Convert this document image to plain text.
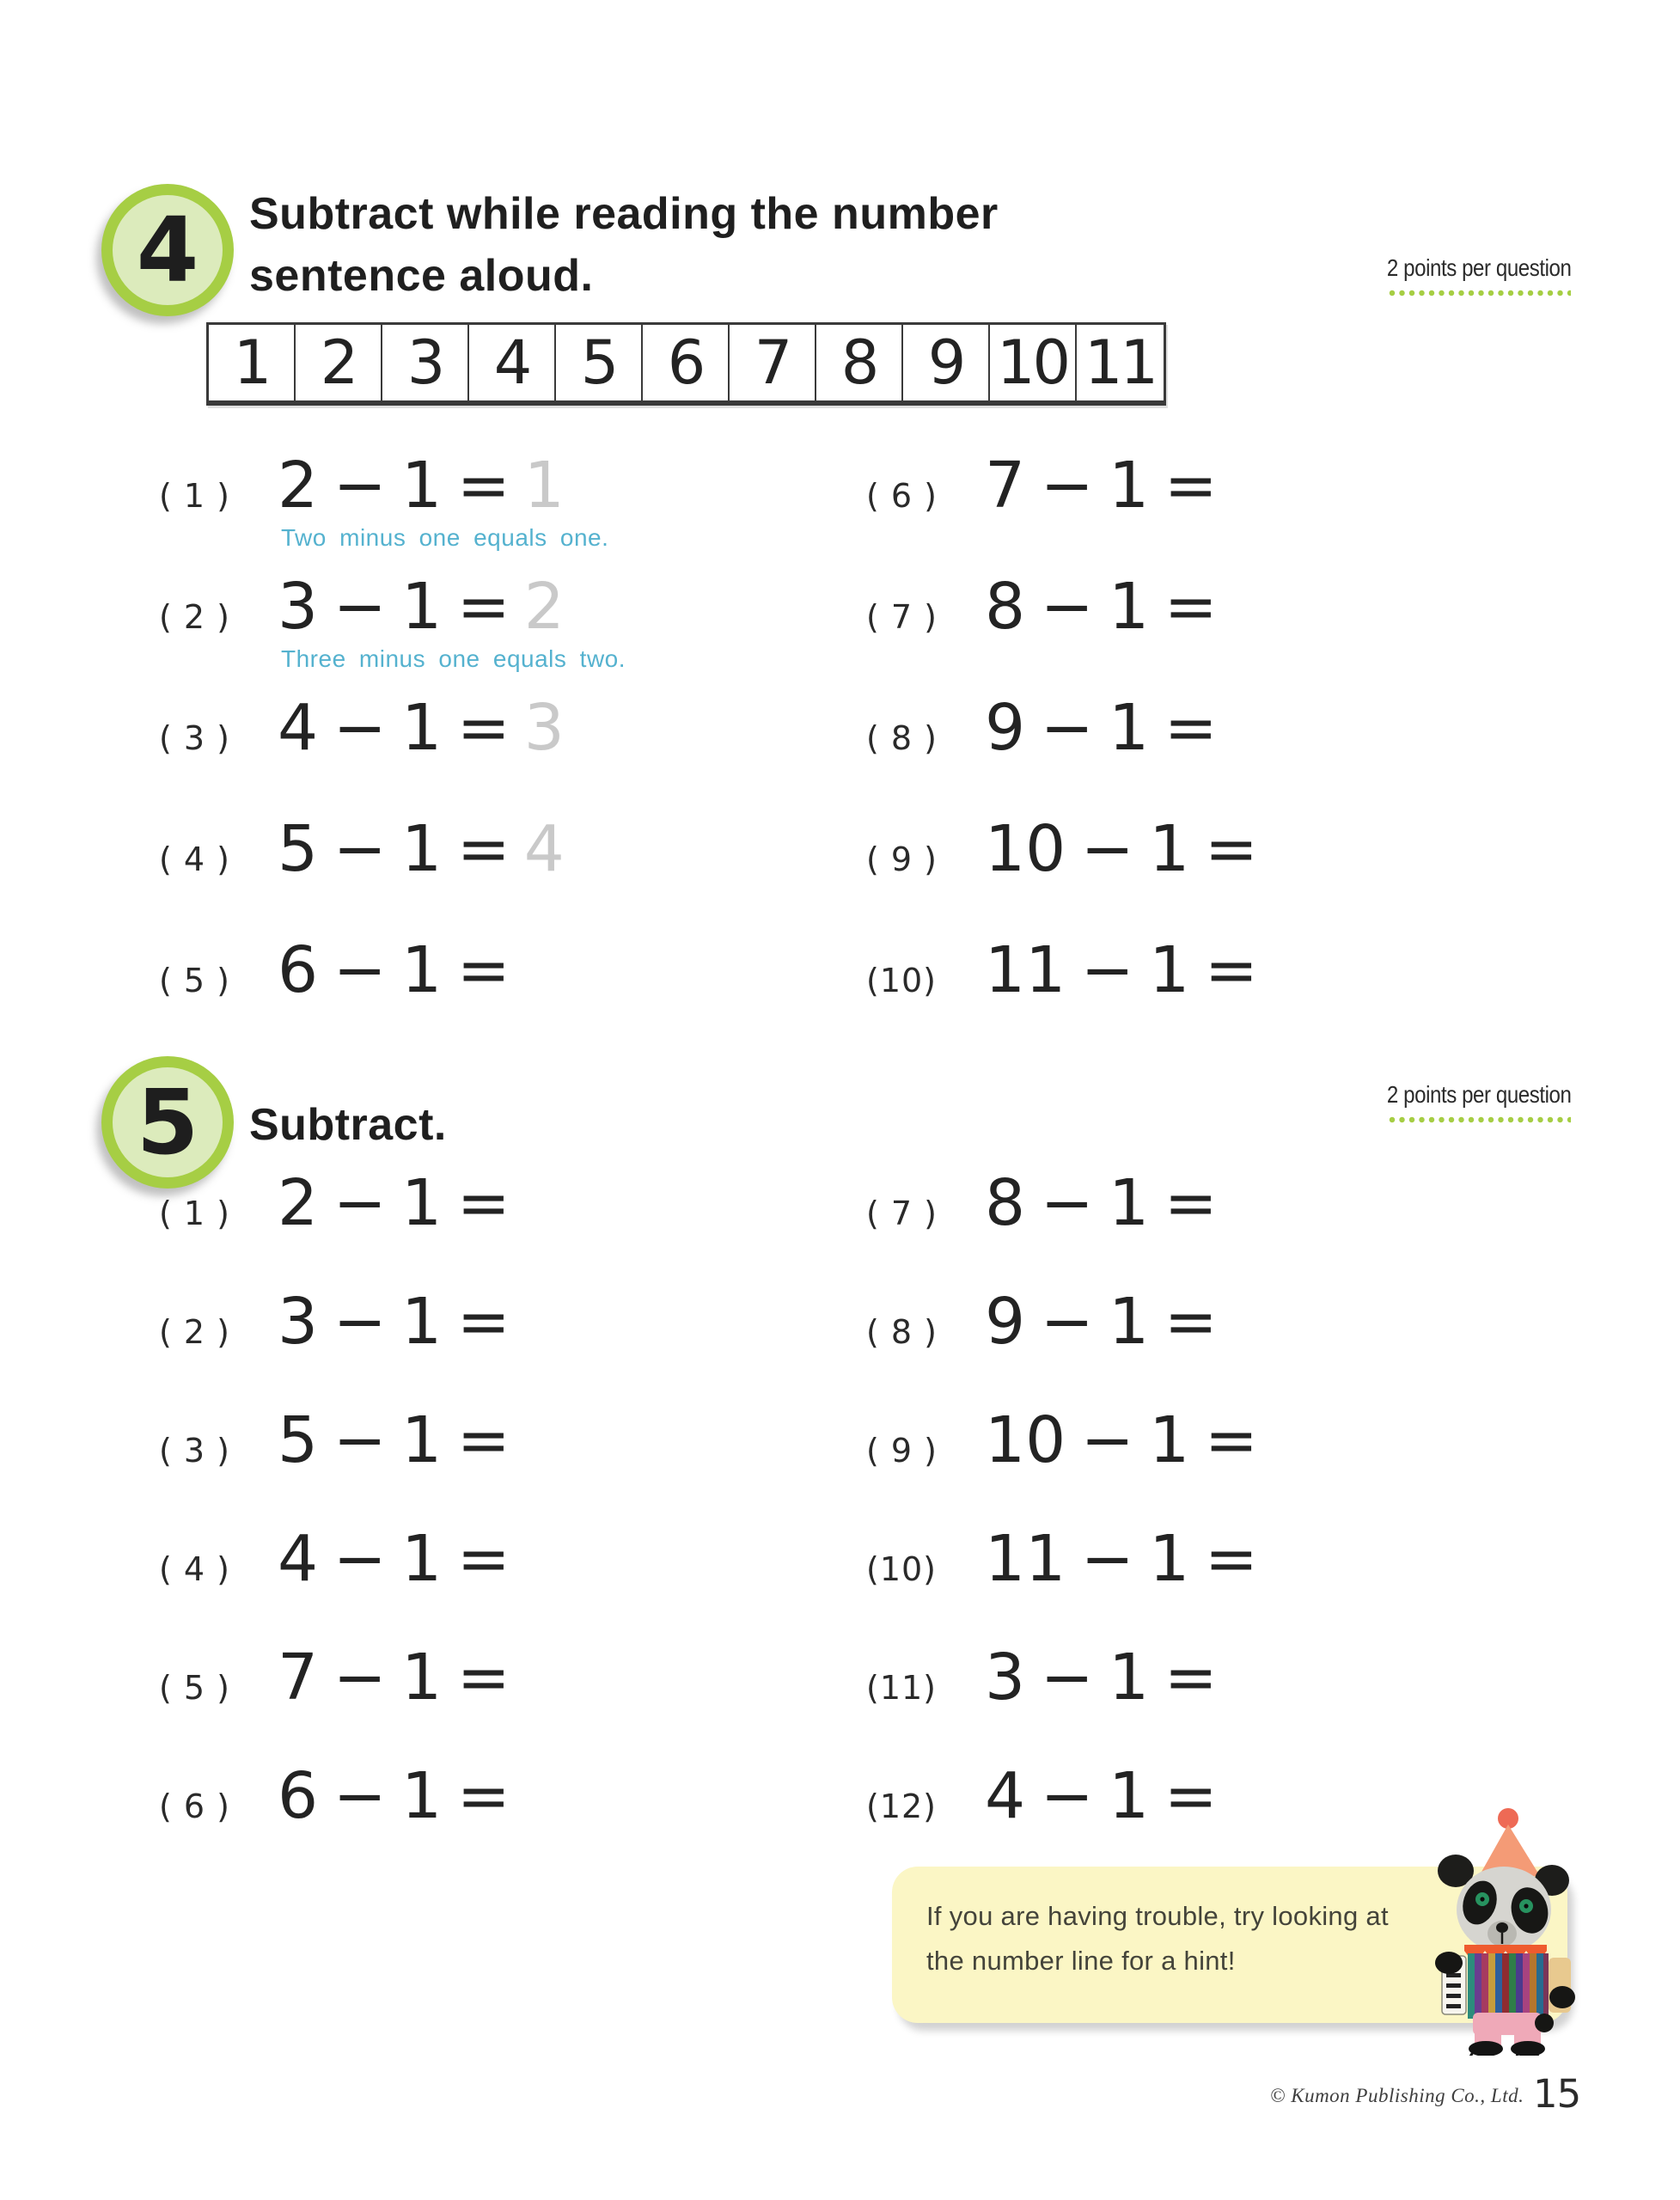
4 Subtract while reading the number
sentence aloud.	2 points per question
1 2 3 4 5 6 7 8 9 10 11
( 1 ) 2 − 1 = 1
Two minus one equals one.
( 2 ) 3 − 1 = 2
Three minus one equals two.
( 3 ) 4 − 1 = 3
( 4 ) 5 − 1 = 4
( 5 ) 6 − 1 =
( 6 ) 7 − 1 =
( 7 ) 8 − 1 =
( 8 ) 9 − 1 =
( 9 ) 10 − 1 =
(10) 11 − 1 =
5 Subtract.
2 points per question
( 1 ) 2 − 1 =
( 2 ) 3 − 1 =
( 3 ) 5 − 1 =
( 4 ) 4 − 1 =
( 5 ) 7 − 1 =
( 6 ) 6 − 1 =
( 7 ) 8 − 1 =
( 8 ) 9 − 1 =
( 9 ) 10 − 1 =
(10) 11 − 1 =
(11) 3 − 1 =
(12) 4 − 1 =
If you are having trouble, try looking at
the number line for a hint!
© Kumon Publishing Co., Ltd. 15
